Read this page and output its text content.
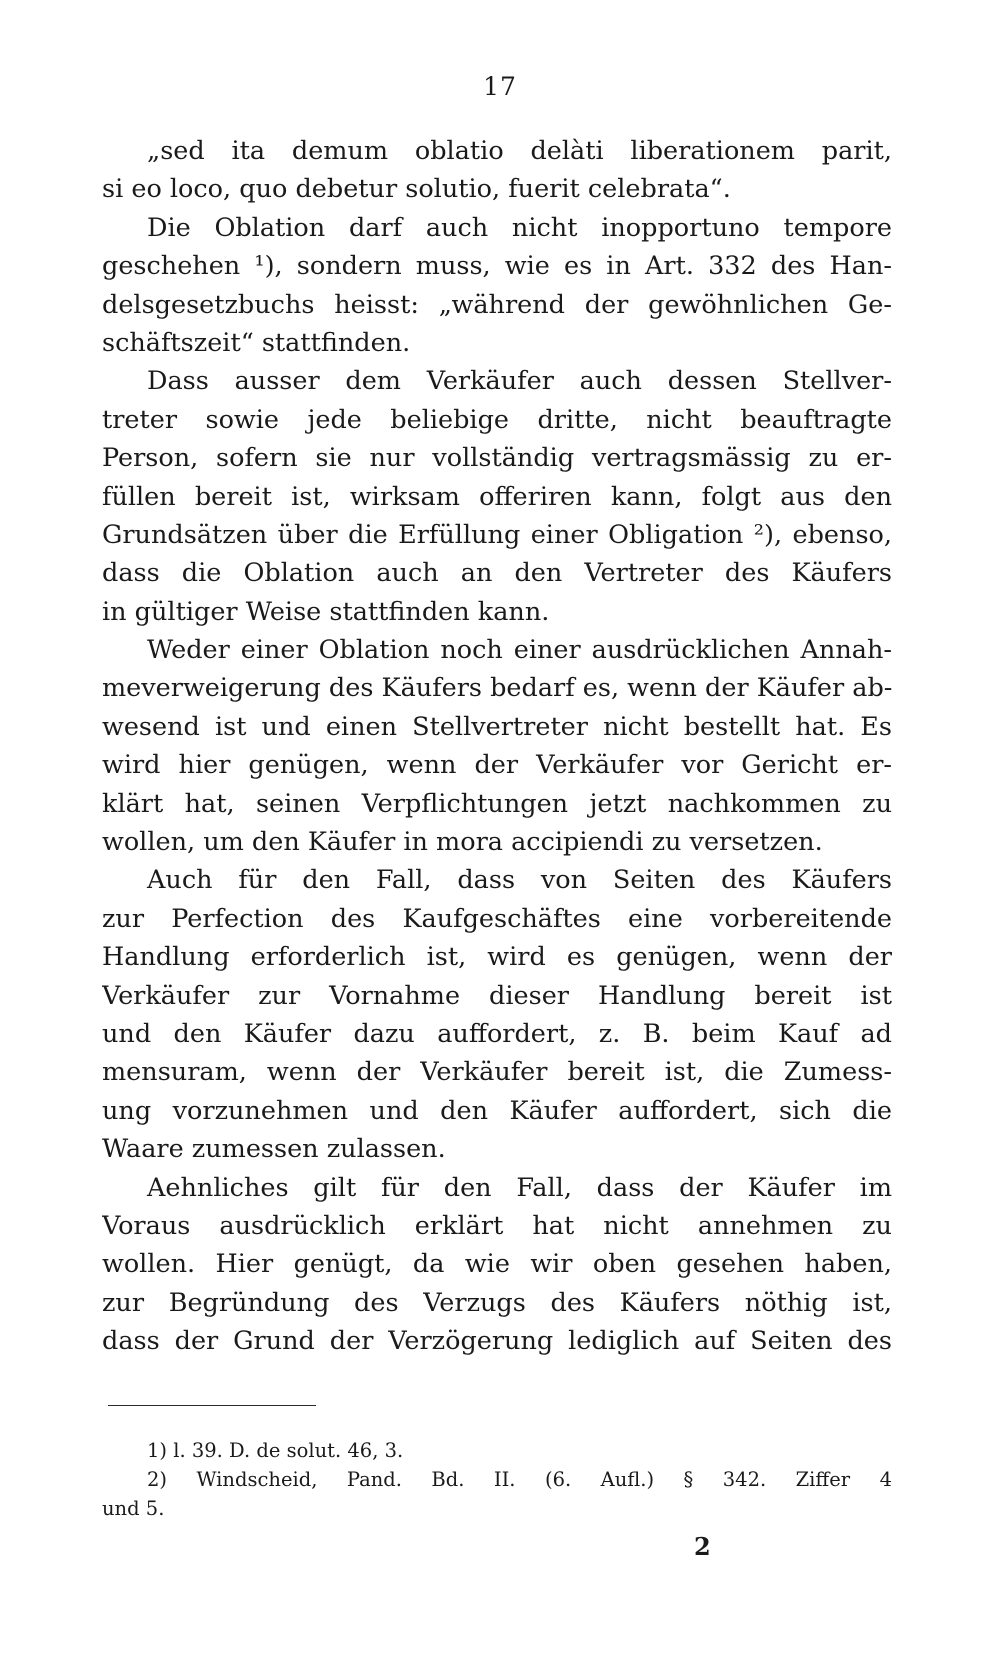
17
„sed ita demum oblatio delàti liberationem parit,
si eo loco, quo debetur solutio, fuerit celebrata“.
Die Oblation darf auch nicht inopportuno tempore
geschehen ¹), sondern muss, wie es in Art. 332 des Han-
delsgesetzbuchs heisst: „während der gewöhnlichen Ge-
schäftszeit“ stattfinden.
Dass ausser dem Verkäufer auch dessen Stellver-
treter sowie jede beliebige dritte, nicht beauftragte
Person, sofern sie nur vollständig vertragsmässig zu er-
füllen bereit ist, wirksam offeriren kann, folgt aus den
Grundsätzen über die Erfüllung einer Obligation ²), ebenso,
dass die Oblation auch an den Vertreter des Käufers
in gültiger Weise stattfinden kann.
Weder einer Oblation noch einer ausdrücklichen Annah-
meverweigerung des Käufers bedarf es, wenn der Käufer ab-
wesend ist und einen Stellvertreter nicht bestellt hat. Es
wird hier genügen, wenn der Verkäufer vor Gericht er-
klärt hat, seinen Verpflichtungen jetzt nachkommen zu
wollen, um den Käufer in mora accipiendi zu versetzen.
Auch für den Fall, dass von Seiten des Käufers
zur Perfection des Kaufgeschäftes eine vorbereitende
Handlung erforderlich ist, wird es genügen, wenn der
Verkäufer zur Vornahme dieser Handlung bereit ist
und den Käufer dazu auffordert, z. B. beim Kauf ad
mensuram, wenn der Verkäufer bereit ist, die Zumess-
ung vorzunehmen und den Käufer auffordert, sich die
Waare zumessen zulassen.
Aehnliches gilt für den Fall, dass der Käufer im
Voraus ausdrücklich erklärt hat nicht annehmen zu
wollen. Hier genügt, da wie wir oben gesehen haben,
zur Begründung des Verzugs des Käufers nöthig ist,
dass der Grund der Verzögerung lediglich auf Seiten des
1) l. 39. D. de solut. 46, 3.
2) Windscheid, Pand. Bd. II. (6. Aufl.) § 342. Ziffer 4
und 5.
2
